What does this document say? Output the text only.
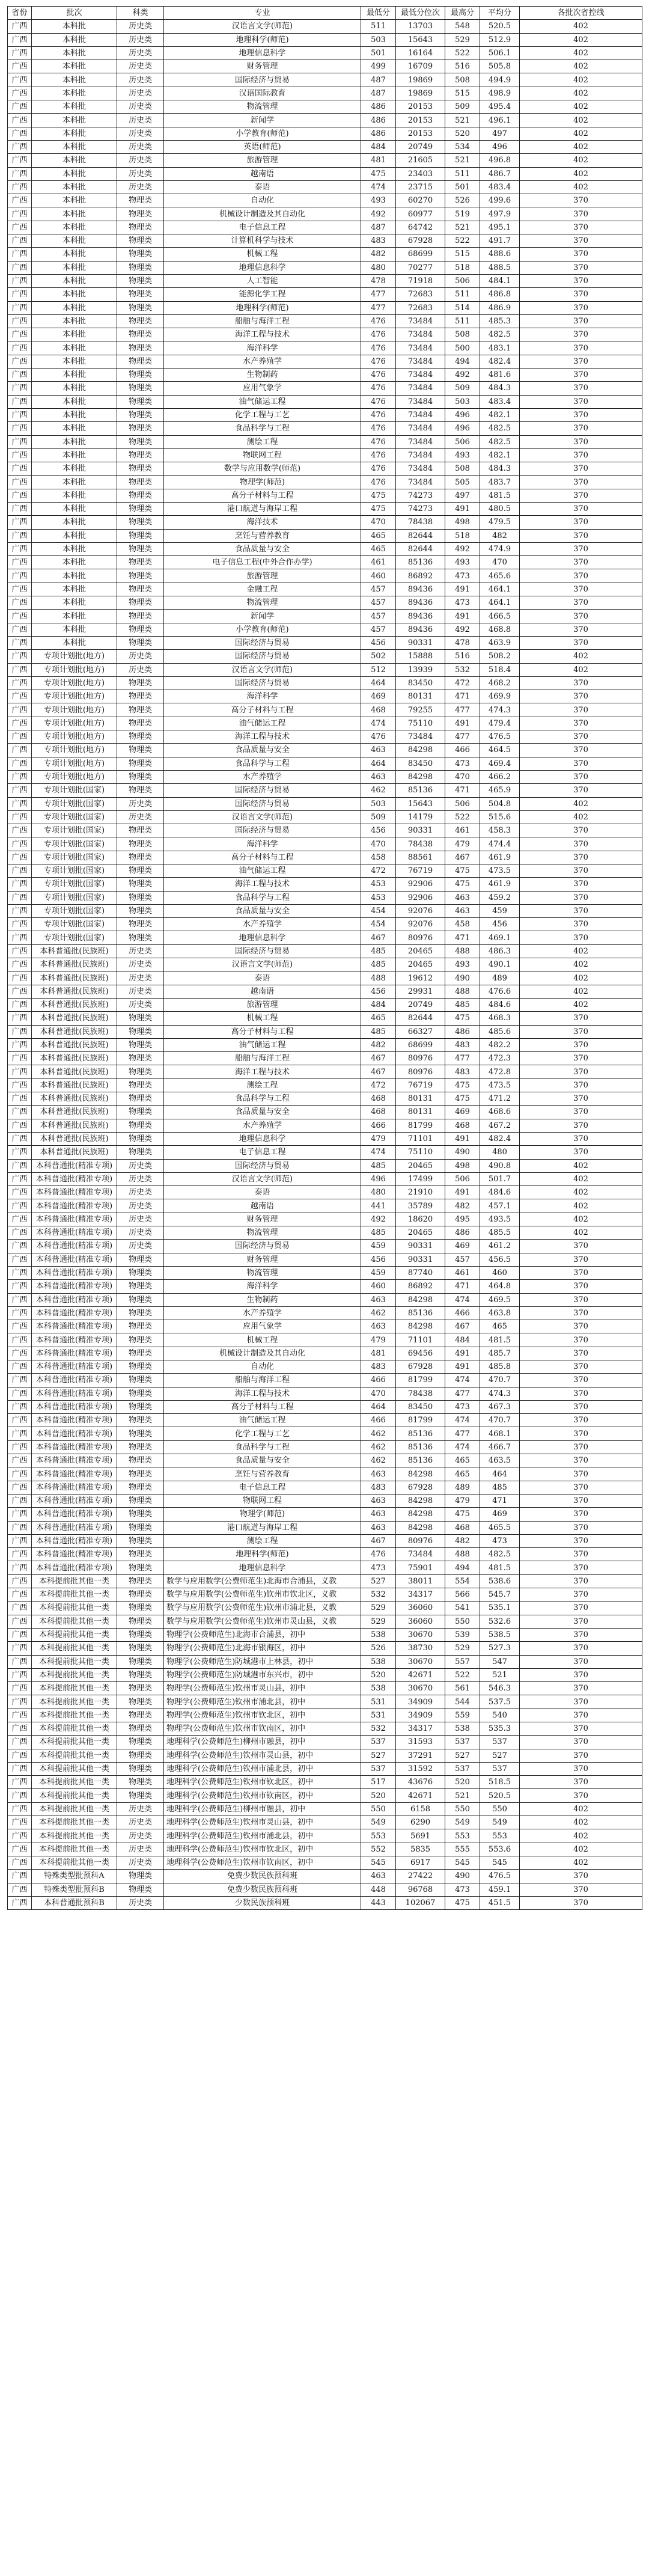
省份	批次	科类	专业	最低分	最低分位次	最高分	平均分	各批次省控线
广西	本科批	历史类	汉语言文学(师范)	511	13703	548	520.5	402
广西	本科批	历史类	地理科学(师范)	503	15643	529	512.9	402
广西	本科批	历史类	地理信息科学	501	16164	522	506.1	402
广西	本科批	历史类	财务管理	499	16709	516	505.8	402
广西	本科批	历史类	国际经济与贸易	487	19869	508	494.9	402
广西	本科批	历史类	汉语国际教育	487	19869	515	498.9	402
广西	本科批	历史类	物流管理	486	20153	509	495.4	402
广西	本科批	历史类	新闻学	486	20153	521	496.1	402
广西	本科批	历史类	小学教育(师范)	486	20153	520	497	402
广西	本科批	历史类	英语(师范)	484	20749	534	496	402
广西	本科批	历史类	旅游管理	481	21605	521	496.8	402
广西	本科批	历史类	越南语	475	23403	511	486.7	402
广西	本科批	历史类	泰语	474	23715	501	483.4	402
广西	本科批	物理类	自动化	493	60270	526	499.6	370
广西	本科批	物理类	机械设计制造及其自动化	492	60977	519	497.9	370
广西	本科批	物理类	电子信息工程	487	64742	521	495.1	370
广西	本科批	物理类	计算机科学与技术	483	67928	522	491.7	370
广西	本科批	物理类	机械工程	482	68699	515	488.6	370
广西	本科批	物理类	地理信息科学	480	70277	518	488.5	370
广西	本科批	物理类	人工智能	478	71918	506	484.1	370
广西	本科批	物理类	能源化学工程	477	72683	511	486.8	370
广西	本科批	物理类	地理科学(师范)	477	72683	514	486.9	370
广西	本科批	物理类	船舶与海洋工程	476	73484	511	485.3	370
广西	本科批	物理类	海洋工程与技术	476	73484	508	482.5	370
广西	本科批	物理类	海洋科学	476	73484	500	483.1	370
广西	本科批	物理类	水产养殖学	476	73484	494	482.4	370
广西	本科批	物理类	生物制药	476	73484	492	481.6	370
广西	本科批	物理类	应用气象学	476	73484	509	484.3	370
广西	本科批	物理类	油气储运工程	476	73484	503	483.4	370
广西	本科批	物理类	化学工程与工艺	476	73484	496	482.1	370
广西	本科批	物理类	食品科学与工程	476	73484	496	482.5	370
广西	本科批	物理类	测绘工程	476	73484	506	482.5	370
广西	本科批	物理类	物联网工程	476	73484	493	482.1	370
广西	本科批	物理类	数学与应用数学(师范)	476	73484	508	484.3	370
广西	本科批	物理类	物理学(师范)	476	73484	505	483.7	370
广西	本科批	物理类	高分子材料与工程	475	74273	497	481.5	370
广西	本科批	物理类	港口航道与海岸工程	475	74273	491	480.5	370
广西	本科批	物理类	海洋技术	470	78438	498	479.5	370
广西	本科批	物理类	烹饪与营养教育	465	82644	518	482	370
广西	本科批	物理类	食品质量与安全	465	82644	492	474.9	370
广西	本科批	物理类	电子信息工程(中外合作办学)	461	85136	493	470	370
广西	本科批	物理类	旅游管理	460	86892	473	465.6	370
广西	本科批	物理类	金融工程	457	89436	491	464.1	370
广西	本科批	物理类	物流管理	457	89436	473	464.1	370
广西	本科批	物理类	新闻学	457	89436	491	466.5	370
广西	本科批	物理类	小学教育(师范)	457	89436	492	468.8	370
广西	本科批	物理类	国际经济与贸易	456	90331	478	463.9	370
广西	专项计划批(地方)	历史类	国际经济与贸易	502	15888	516	508.2	402
广西	专项计划批(地方)	历史类	汉语言文学(师范)	512	13939	532	518.4	402
广西	专项计划批(地方)	物理类	国际经济与贸易	464	83450	472	468.2	370
广西	专项计划批(地方)	物理类	海洋科学	469	80131	471	469.9	370
广西	专项计划批(地方)	物理类	高分子材料与工程	468	79255	477	474.3	370
广西	专项计划批(地方)	物理类	油气储运工程	474	75110	491	479.4	370
广西	专项计划批(地方)	物理类	海洋工程与技术	476	73484	477	476.5	370
广西	专项计划批(地方)	物理类	食品质量与安全	463	84298	466	464.5	370
广西	专项计划批(地方)	物理类	食品科学与工程	464	83450	473	469.4	370
广西	专项计划批(地方)	物理类	水产养殖学	463	84298	470	466.2	370
广西	专项计划批(国家)	物理类	国际经济与贸易	462	85136	471	465.9	370
广西	专项计划批(国家)	历史类	国际经济与贸易	503	15643	506	504.8	402
广西	专项计划批(国家)	历史类	汉语言文学(师范)	509	14179	522	515.6	402
广西	专项计划批(国家)	物理类	国际经济与贸易	456	90331	461	458.3	370
广西	专项计划批(国家)	物理类	海洋科学	470	78438	479	474.4	370
广西	专项计划批(国家)	物理类	高分子材料与工程	458	88561	467	461.9	370
广西	专项计划批(国家)	物理类	油气储运工程	472	76719	475	473.5	370
广西	专项计划批(国家)	物理类	海洋工程与技术	453	92906	475	461.9	370
广西	专项计划批(国家)	物理类	食品科学与工程	453	92906	463	459.2	370
广西	专项计划批(国家)	物理类	食品质量与安全	454	92076	463	459	370
广西	专项计划批(国家)	物理类	水产养殖学	454	92076	458	456	370
广西	专项计划批(国家)	物理类	地理信息科学	467	80976	471	469.1	370
广西	本科普通批(民族班)	历史类	国际经济与贸易	485	20465	488	486.3	402
广西	本科普通批(民族班)	历史类	汉语言文学(师范)	485	20465	493	490.1	402
广西	本科普通批(民族班)	历史类	泰语	488	19612	490	489	402
广西	本科普通批(民族班)	历史类	越南语	456	29931	488	476.6	402
广西	本科普通批(民族班)	历史类	旅游管理	484	20749	485	484.6	402
广西	本科普通批(民族班)	物理类	机械工程	465	82644	475	468.3	370
广西	本科普通批(民族班)	物理类	高分子材料与工程	485	66327	486	485.6	370
广西	本科普通批(民族班)	物理类	油气储运工程	482	68699	483	482.2	370
广西	本科普通批(民族班)	物理类	船舶与海洋工程	467	80976	477	472.3	370
广西	本科普通批(民族班)	物理类	海洋工程与技术	467	80976	483	472.8	370
广西	本科普通批(民族班)	物理类	测绘工程	472	76719	475	473.5	370
广西	本科普通批(民族班)	物理类	食品科学与工程	468	80131	475	471.2	370
广西	本科普通批(民族班)	物理类	食品质量与安全	468	80131	469	468.6	370
广西	本科普通批(民族班)	物理类	水产养殖学	466	81799	468	467.2	370
广西	本科普通批(民族班)	物理类	地理信息科学	479	71101	491	482.4	370
广西	本科普通批(民族班)	物理类	电子信息工程	474	75110	490	480	370
广西	本科普通批(精准专项)	历史类	国际经济与贸易	485	20465	498	490.8	402
广西	本科普通批(精准专项)	历史类	汉语言文学(师范)	496	17499	506	501.7	402
广西	本科普通批(精准专项)	历史类	泰语	480	21910	491	484.6	402
广西	本科普通批(精准专项)	历史类	越南语	441	35789	482	457.1	402
广西	本科普通批(精准专项)	历史类	财务管理	492	18620	495	493.5	402
广西	本科普通批(精准专项)	历史类	物流管理	485	20465	486	485.5	402
广西	本科普通批(精准专项)	历史类	国际经济与贸易	459	90331	469	461.2	370
广西	本科普通批(精准专项)	物理类	财务管理	456	90331	457	456.5	370
广西	本科普通批(精准专项)	物理类	物流管理	459	87740	461	460	370
广西	本科普通批(精准专项)	物理类	海洋科学	460	86892	471	464.8	370
广西	本科普通批(精准专项)	物理类	生物制药	463	84298	474	469.5	370
广西	本科普通批(精准专项)	物理类	水产养殖学	462	85136	466	463.8	370
广西	本科普通批(精准专项)	物理类	应用气象学	463	84298	467	465	370
广西	本科普通批(精准专项)	物理类	机械工程	479	71101	484	481.5	370
广西	本科普通批(精准专项)	物理类	机械设计制造及其自动化	481	69456	491	485.7	370
广西	本科普通批(精准专项)	物理类	自动化	483	67928	491	485.8	370
广西	本科普通批(精准专项)	物理类	船舶与海洋工程	466	81799	474	470.7	370
广西	本科普通批(精准专项)	物理类	海洋工程与技术	470	78438	477	474.3	370
广西	本科普通批(精准专项)	物理类	高分子材料与工程	464	83450	473	467.3	370
广西	本科普通批(精准专项)	物理类	油气储运工程	466	81799	474	470.7	370
广西	本科普通批(精准专项)	物理类	化学工程与工艺	462	85136	477	468.1	370
广西	本科普通批(精准专项)	物理类	食品科学与工程	462	85136	474	466.7	370
广西	本科普通批(精准专项)	物理类	食品质量与安全	462	85136	465	463.5	370
广西	本科普通批(精准专项)	物理类	烹饪与营养教育	463	84298	465	464	370
广西	本科普通批(精准专项)	物理类	电子信息工程	483	67928	489	485	370
广西	本科普通批(精准专项)	物理类	物联网工程	463	84298	479	471	370
广西	本科普通批(精准专项)	物理类	物理学(师范)	463	84298	475	469	370
广西	本科普通批(精准专项)	物理类	港口航道与海岸工程	463	84298	468	465.5	370
广西	本科普通批(精准专项)	物理类	测绘工程	467	80976	482	473	370
广西	本科普通批(精准专项)	物理类	地理科学(师范)	476	73484	488	482.5	370
广西	本科普通批(精准专项)	物理类	地理信息科学	473	75901	494	481.5	370
广西	本科提前批其他一类	物理类	数学与应用数学(公费师范生)北海市合浦县，义教	527	38011	554	538.6	370
广西	本科提前批其他一类	物理类	数学与应用数学(公费师范生)钦州市钦北区，义教	532	34317	566	545.7	370
广西	本科提前批其他一类	物理类	数学与应用数学(公费师范生)钦州市浦北县，义教	529	36060	541	535.1	370
广西	本科提前批其他一类	物理类	数学与应用数学(公费师范生)钦州市灵山县，义教	529	36060	550	532.6	370
广西	本科提前批其他一类	物理类	物理学(公费师范生)北海市合浦县，初中	538	30670	539	538.5	370
广西	本科提前批其他一类	物理类	物理学(公费师范生)北海市银海区，初中	526	38730	529	527.3	370
广西	本科提前批其他一类	物理类	物理学(公费师范生)防城港市上林县，初中	538	30670	557	547	370
广西	本科提前批其他一类	物理类	物理学(公费师范生)防城港市东兴市，初中	520	42671	522	521	370
广西	本科提前批其他一类	物理类	物理学(公费师范生)钦州市灵山县，初中	538	30670	561	546.3	370
广西	本科提前批其他一类	物理类	物理学(公费师范生)钦州市浦北县，初中	531	34909	544	537.5	370
广西	本科提前批其他一类	物理类	物理学(公费师范生)钦州市钦北区，初中	531	34909	559	540	370
广西	本科提前批其他一类	物理类	物理学(公费师范生)钦州市钦南区，初中	532	34317	538	535.3	370
广西	本科提前批其他一类	物理类	地理科学(公费师范生)柳州市融县，初中	537	31593	537	537	370
广西	本科提前批其他一类	物理类	地理科学(公费师范生)钦州市灵山县，初中	527	37291	527	527	370
广西	本科提前批其他一类	物理类	地理科学(公费师范生)钦州市浦北县，初中	537	31592	537	537	370
广西	本科提前批其他一类	物理类	地理科学(公费师范生)钦州市钦北区，初中	517	43676	520	518.5	370
广西	本科提前批其他一类	物理类	地理科学(公费师范生)钦州市钦南区，初中	520	42671	521	520.5	370
广西	本科提前批其他一类	历史类	地理科学(公费师范生)柳州市融县，初中	550	6158	550	550	402
广西	本科提前批其他一类	历史类	地理科学(公费师范生)钦州市灵山县，初中	549	6290	549	549	402
广西	本科提前批其他一类	历史类	地理科学(公费师范生)钦州市浦北县，初中	553	5691	553	553	402
广西	本科提前批其他一类	历史类	地理科学(公费师范生)钦州市钦北区，初中	552	5835	555	553.6	402
广西	本科提前批其他一类	历史类	地理科学(公费师范生)钦州市钦南区，初中	545	6917	545	545	402
广西	特殊类型批预科A	物理类	免费少数民族预科班	463	27422	490	476.5	370
广西	特殊类型批预科B	物理类	免费少数民族预科班	448	96768	473	459.1	370
广西	本科普通批预科B	历史类	少数民族预科班	443	102067	475	451.5	370
